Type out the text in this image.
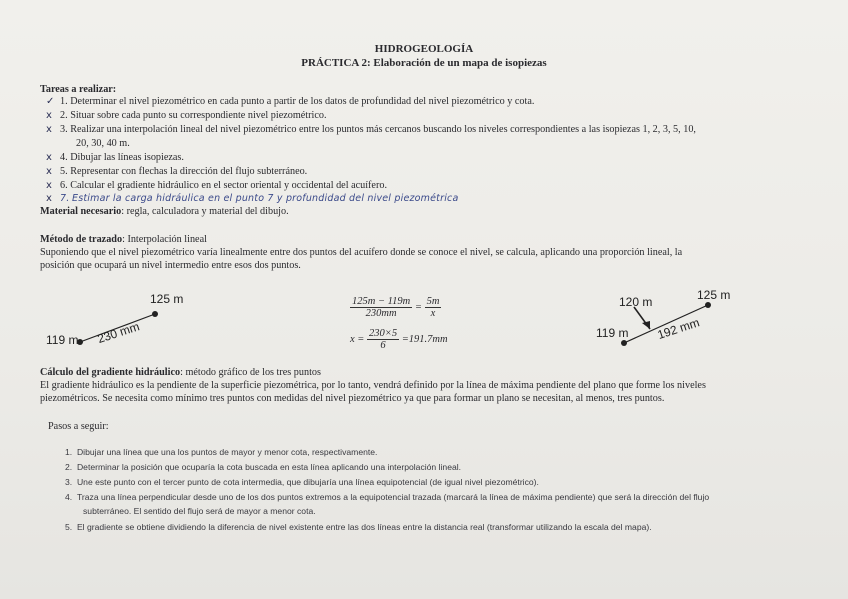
HIDROGEOLOGÍA
PRÁCTICA 2: Elaboración de un mapa de isopiezas
Tareas a realizar:
✓ 1. Determinar el nivel piezométrico en cada punto a partir de los datos de profundidad del nivel piezométrico y cota.
x 2. Situar sobre cada punto su correspondiente nivel piezométrico.
x 3. Realizar una interpolación lineal del nivel piezométrico entre los puntos más cercanos buscando los niveles correspondientes a las isopiezas 1, 2, 3, 5, 10,
20, 30, 40 m.
x 4. Dibujar las líneas isopiezas.
x 5. Representar con flechas la dirección del flujo subterráneo.
x 6. Calcular el gradiente hidráulico en el sector oriental y occidental del acuífero.
x 7. Estimar la carga hidráulica en el punto 7 y profundidad del nivel piezométrica
Material necesario: regla, calculadora y material del dibujo.
Método de trazado: Interpolación lineal
Suponiendo que el nivel piezométrico varía linealmente entre dos puntos del acuífero donde se conoce el nivel, se calcula, aplicando una proporción lineal, la
posición que ocupará un nivel intermedio entre esos dos puntos.
125 m
119 m 230 mm
$\frac{125m - 119m}{230mm} = \frac{5m}{x}$
$x = \frac{230\times 5}{6} =191.7mm$
120 m	125 m
119 m 192 mm
Cálculo del gradiente hidráulico: método gráfico de los tres puntos
El gradiente hidráulico es la pendiente de la superficie piezométrica, por lo tanto, vendrá definido por la línea de máxima pendiente del plano que forme los niveles
piezométricos. Se necesita como mínimo tres puntos con medidas del nivel piezométrico ya que para formar un plano se necesitan, al menos, tres puntos.
Pasos a seguir:
1. Dibujar una línea que una los puntos de mayor y menor cota, respectivamente.
2. Determinar la posición que ocuparía la cota buscada en esta línea aplicando una interpolación lineal.
3. Une este punto con el tercer punto de cota intermedia, que dibujaría una línea equipotencial (de igual nivel piezométrico).
4. Traza una línea perpendicular desde uno de los dos puntos extremos a la equipotencial trazada (marcará la línea de máxima pendiente) que será la dirección del flujo
subterráneo. El sentido del flujo será de mayor a menor cota.
5. El gradiente se obtiene dividiendo la diferencia de nivel existente entre las dos líneas entre la distancia real (transformar utilizando la escala del mapa).
